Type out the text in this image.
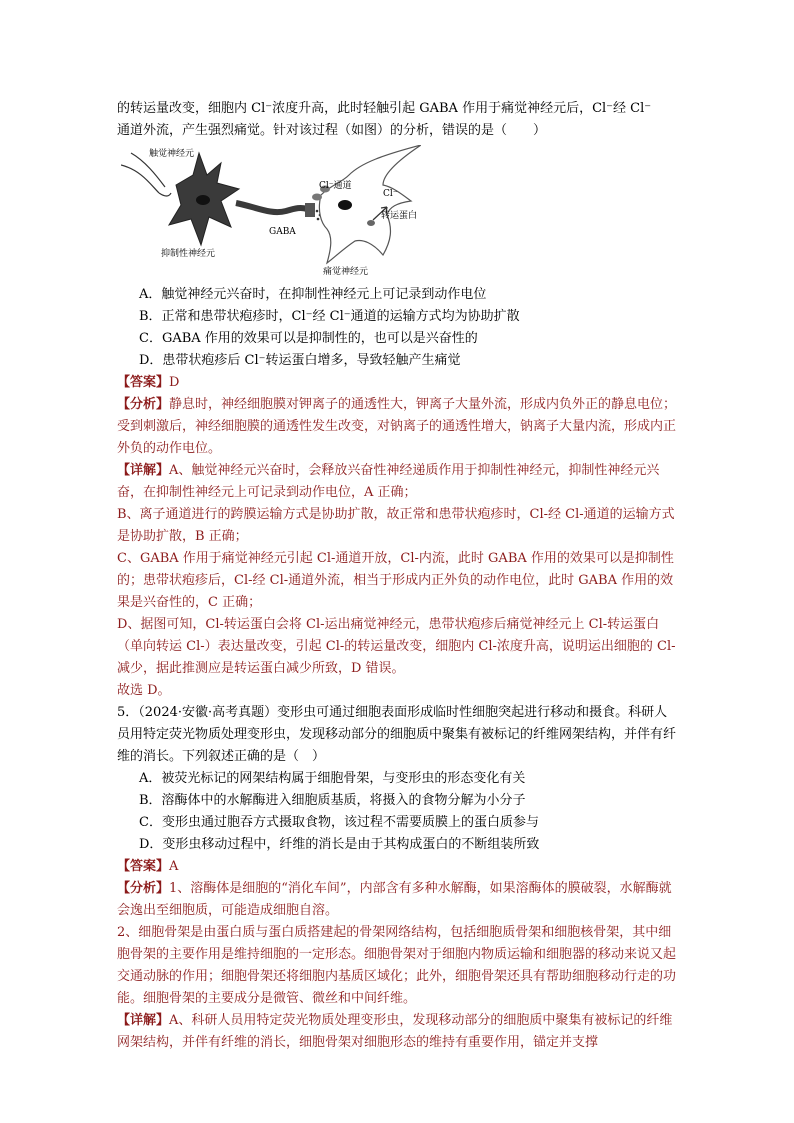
的转运量改变，细胞内 Cl⁻浓度升高，此时轻触引起 GABA 作用于痛觉神经元后，Cl⁻经 Cl⁻

通道外流，产生强烈痛觉。针对该过程（如图）的分析，错误的是（　　）

触觉神经元
Cl⁻通道
Cl⁻
转运蛋白
GABA
抑制性神经元
痛觉神经元

A．触觉神经元兴奋时，在抑制性神经元上可记录到动作电位

B．正常和患带状疱疹时，Cl⁻经 Cl⁻通道的运输方式均为协助扩散

C．GABA 作用的效果可以是抑制性的，也可以是兴奋性的

D．患带状疱疹后 Cl⁻转运蛋白增多，导致轻触产生痛觉

【答案】D

【分析】静息时，神经细胞膜对钾离子的通透性大，钾离子大量外流，形成内负外正的静息电位；受到刺激后，神经细胞膜的通透性发生改变，对钠离子的通透性增大，钠离子大量内流，形成内正外负的动作电位。

【详解】A、触觉神经元兴奋时，会释放兴奋性神经递质作用于抑制性神经元，抑制性神经元兴奋，在抑制性神经元上可记录到动作电位，A 正确；

B、离子通道进行的跨膜运输方式是协助扩散，故正常和患带状疱疹时，Cl-经 Cl-通道的运输方式是协助扩散，B 正确；

C、GABA 作用于痛觉神经元引起 Cl-通道开放，Cl-内流，此时 GABA 作用的效果可以是抑制性的；患带状疱疹后，Cl-经 Cl-通道外流，相当于形成内正外负的动作电位，此时 GABA 作用的效果是兴奋性的，C 正确；

D、据图可知，Cl-转运蛋白会将 Cl-运出痛觉神经元，患带状疱疹后痛觉神经元上 Cl-转运蛋白（单向转运 Cl-）表达量改变，引起 Cl-的转运量改变，细胞内 Cl-浓度升高，说明运出细胞的 Cl-减少，据此推测应是转运蛋白减少所致，D 错误。

故选 D。

5．（2024·安徽·高考真题）变形虫可通过细胞表面形成临时性细胞突起进行移动和摄食。科研人员用特定荧光物质处理变形虫，发现移动部分的细胞质中聚集有被标记的纤维网架结构，并伴有纤维的消长。下列叙述正确的是（　）

A．被荧光标记的网架结构属于细胞骨架，与变形虫的形态变化有关

B．溶酶体中的水解酶进入细胞质基质，将摄入的食物分解为小分子

C．变形虫通过胞吞方式摄取食物，该过程不需要质膜上的蛋白质参与

D．变形虫移动过程中，纤维的消长是由于其构成蛋白的不断组装所致

【答案】A

【分析】1、溶酶体是细胞的“消化车间”，内部含有多种水解酶，如果溶酶体的膜破裂，水解酶就会逸出至细胞质，可能造成细胞自溶。

2、细胞骨架是由蛋白质与蛋白质搭建起的骨架网络结构，包括细胞质骨架和细胞核骨架，其中细胞骨架的主要作用是维持细胞的一定形态。细胞骨架对于细胞内物质运输和细胞器的移动来说又起交通动脉的作用；细胞骨架还将细胞内基质区域化；此外，细胞骨架还具有帮助细胞移动行走的功能。细胞骨架的主要成分是微管、微丝和中间纤维。

【详解】A、科研人员用特定荧光物质处理变形虫，发现移动部分的细胞质中聚集有被标记的纤维网架结构，并伴有纤维的消长，细胞骨架对细胞形态的维持有重要作用，锚定并支撑
